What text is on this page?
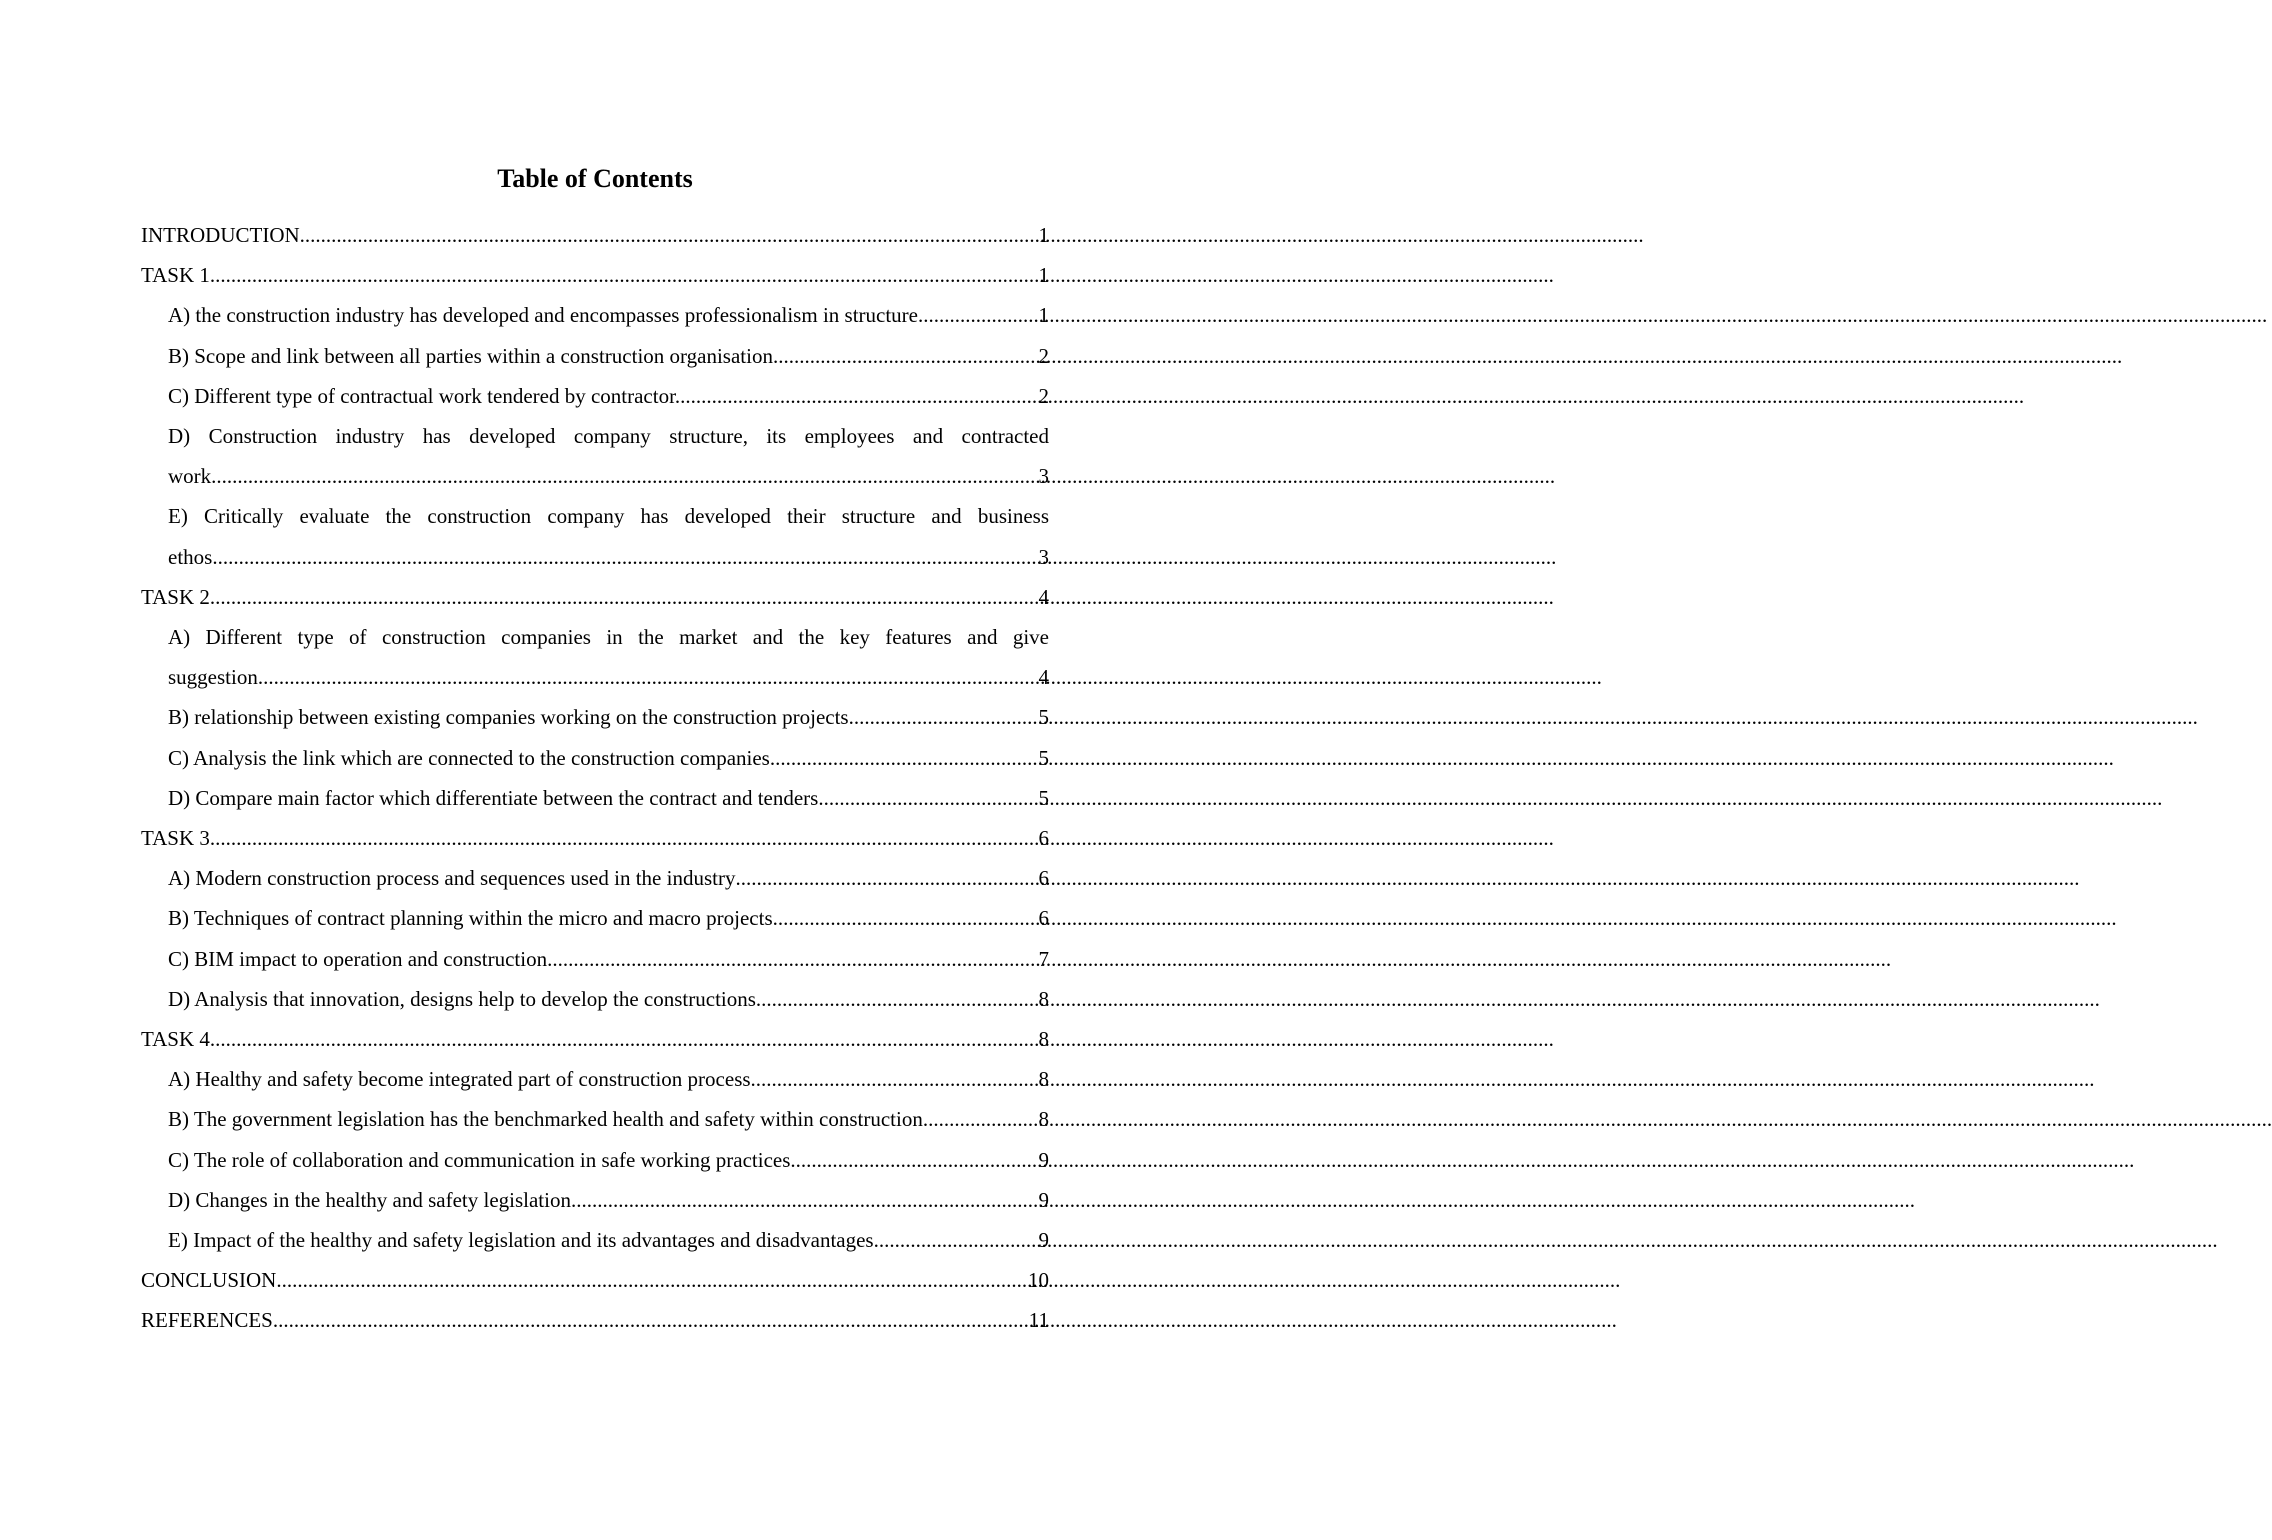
Table of Contents
INTRODUCTION .....	1
TASK 1 .....	1
A) the construction industry has developed and encompasses professionalism in structure. .....	1
B) Scope and link between all parties within a construction organisation. .....	2
C) Different type of contractual work tendered by contractor. .....	2
D) Construction industry has developed company structure, its employees and contracted
work .....	3
E) Critically evaluate the construction company has developed their structure and business
ethos .....	3
TASK 2 .....	4
A) Different type of construction companies in the market and the key features and give
suggestion .....	4
B) relationship between existing companies working on the construction projects. .....	5
C) Analysis the link which are connected to the construction companies .....	5
D) Compare main factor which differentiate between the contract and tenders .....	5
TASK 3 .....	6
A) Modern construction process and sequences used in the industry .....	6
B) Techniques of contract planning within the micro and macro projects .....	6
C) BIM impact to operation and construction .....	7
D) Analysis that innovation, designs help to develop the constructions .....	8
TASK 4 .....	8
A) Healthy and safety become integrated part of construction process .....	8
B) The government legislation has the benchmarked health and safety within construction. .....	8
C) The role of collaboration and communication in safe working practices .....	9
D) Changes in the healthy and safety legislation .....	9
E) Impact of the healthy and safety legislation and its advantages and disadvantages .....	9
CONCLUSION .....	10
REFERENCES .....	11
